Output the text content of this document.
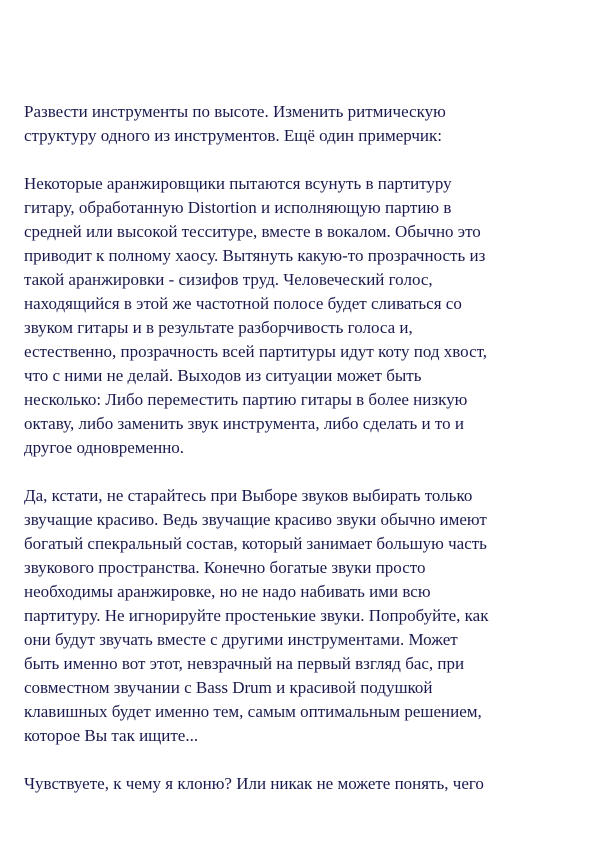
Развести инструменты по высоте. Изменить ритмическую
структуру одного из инструментов. Ещё один примерчик:

Некоторые аранжировщики пытаются всунуть в партитуру
гитару, обработанную Distortion и исполняющую партию в
средней или высокой тесситуре, вместе в вокалом. Обычно это
приводит к полному хаосу. Вытянуть какую-то прозрачность из
такой аранжировки - сизифов труд. Человеческий голос,
находящийся в этой же частотной полосе будет сливаться со
звуком гитары и в результате разборчивость голоса и,
естественно, прозрачность всей партитуры идут коту под хвост,
что с ними не делай. Выходов из ситуации может быть
несколько: Либо переместить партию гитары в более низкую
октаву, либо заменить звук инструмента, либо сделать и то и
другое одновременно.

Да, кстати, не старайтесь при Выборе звуков выбирать только
звучащие красиво. Ведь звучащие красиво звуки обычно имеют
богатый спекральный состав, который занимает большую часть
звукового пространства. Конечно богатые звуки просто
необходимы аранжировке, но не надо набивать ими всю
партитуру. Не игнорируйте простенькие звуки. Попробуйте, как
они будут звучать вместе с другими инструментами. Может
быть именно вот этот, невзрачный на первый взгляд бас, при
совместном звучании с Bass Drum и красивой подушкой
клавишных будет именно тем, самым оптимальным решением,
которое Вы так ищите...

Чувствуете, к чему я клоню? Или никак не можете понять, чего
